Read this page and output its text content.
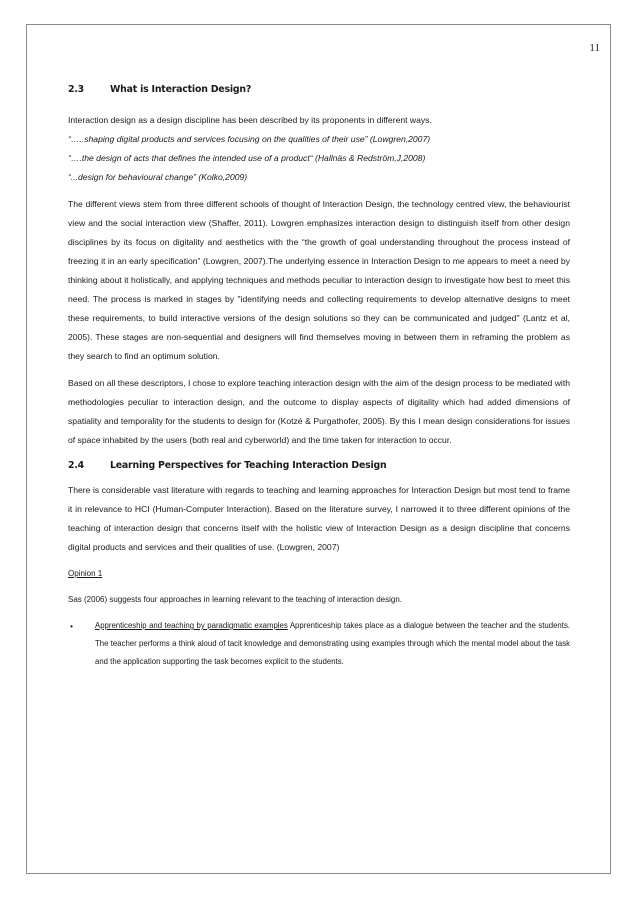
11
2.3	What is Interaction Design?

Interaction design as a design discipline has been described by its proponents in different ways.

“…..shaping digital products and services focusing on the qualities of their use” (Lowgren,2007)

“….the design of acts that defines the intended use of a product“ (Hallnäs & Redström,J,2008)

“...design for behavioural change” (Kolko,2009)

The different views stem from three different schools of thought of Interaction Design, the technology centred view, the behaviourist view and the social interaction view (Shaffer, 2011). Lowgren emphasizes interaction design to distinguish itself from other design disciplines by its focus on digitality and aesthetics with the “the growth of goal understanding throughout the process instead of freezing it in an early specification” (Lowgren, 2007).The underlying essence in Interaction Design to me appears to meet a need by thinking about it holistically, and applying techniques and methods peculiar to interaction design to investigate how best to meet this need. The process is marked in stages by "identifying needs and collecting requirements to develop alternative designs to meet these requirements, to build interactive versions of the design solutions so they can be communicated and judged" (Lantz et al, 2005). These stages are non-sequential and designers will find themselves moving in between them in reframing the problem as they search to find an optimum solution.

Based on all these descriptors, I chose to explore teaching interaction design with the aim of the design process to be mediated with methodologies peculiar to interaction design, and the outcome to display aspects of digitality which had added dimensions of spatiality and temporality for the students to design for (Kotzé & Purgathofer, 2005). By this I mean design considerations for issues of space inhabited by the users (both real and cyberworld) and the time taken for interaction to occur.

2.4	Learning Perspectives for Teaching Interaction Design

There is considerable vast literature with regards to teaching and learning approaches for Interaction Design but most tend to frame it in relevance to HCI (Human-Computer Interaction). Based on the literature survey, I narrowed it to three different opinions of the teaching of interaction design that concerns itself with the holistic view of Interaction Design as a design discipline that concerns digital products and services and their qualities of use. (Lowgren, 2007)

Opinion 1

Sas (2006) suggests four approaches in learning relevant to the teaching of interaction design.

•	Apprenticeship and teaching by paradigmatic examples Apprenticeship takes place as a dialogue between the teacher and the students. The teacher performs a think aloud of tacit knowledge and demonstrating using examples through which the mental model about the task and the application supporting the task becomes explicit to the students.
